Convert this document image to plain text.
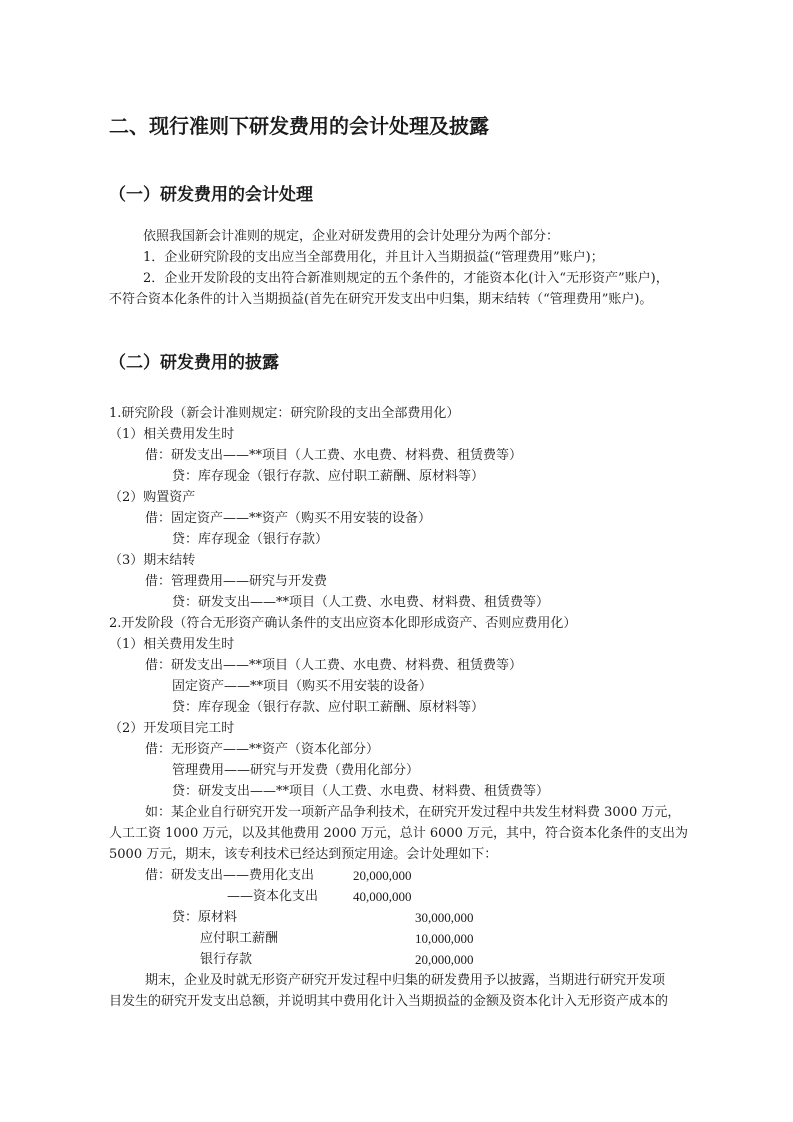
二、现行准则下研发费用的会计处理及披露
（一）研发费用的会计处理
依照我国新会计准则的规定，企业对研发费用的会计处理分为两个部分：
1．企业研究阶段的支出应当全部费用化，并且计入当期损益(“管理费用”账户)；
2．企业开发阶段的支出符合新准则规定的五个条件的，才能资本化(计入“无形资产”账户)，
不符合资本化条件的计入当期损益(首先在研究开发支出中归集，期末结转（“管理费用”账户)。
（二）研发费用的披露
1.研究阶段（新会计准则规定：研究阶段的支出全部费用化）
（1）相关费用发生时
借：研发支出——**项目（人工费、水电费、材料费、租赁费等）
贷：库存现金（银行存款、应付职工薪酬、原材料等）
（2）购置资产
借：固定资产——**资产（购买不用安装的设备）
贷：库存现金（银行存款）
（3）期末结转
借：管理费用——研究与开发费
贷：研发支出——**项目（人工费、水电费、材料费、租赁费等）
2.开发阶段（符合无形资产确认条件的支出应资本化即形成资产、否则应费用化）
（1）相关费用发生时
借：研发支出——**项目（人工费、水电费、材料费、租赁费等）
固定资产——**项目（购买不用安装的设备）
贷：库存现金（银行存款、应付职工薪酬、原材料等）
（2）开发项目完工时
借：无形资产——**资产（资本化部分）
管理费用——研究与开发费（费用化部分）
贷：研发支出——**项目（人工费、水电费、材料费、租赁费等）
如：某企业自行研究开发一项新产品争利技术，在研究开发过程中共发生材料费 3000 万元，
人工工资 1000 万元，以及其他费用 2000 万元，总计 6000 万元，其中，符合资本化条件的支出为
5000 万元，期末，该专利技术已经达到预定用途。会计处理如下：
借：研发支出——费用化支出	20,000,000
——资本化支出	40,000,000
贷：原材料	30,000,000
应付职工薪酬	10,000,000
银行存款	20,000,000
期末，企业及时就无形资产研究开发过程中归集的研发费用予以披露，当期进行研究开发项
目发生的研究开发支出总额，并说明其中费用化计入当期损益的金额及资本化计入无形资产成本的
